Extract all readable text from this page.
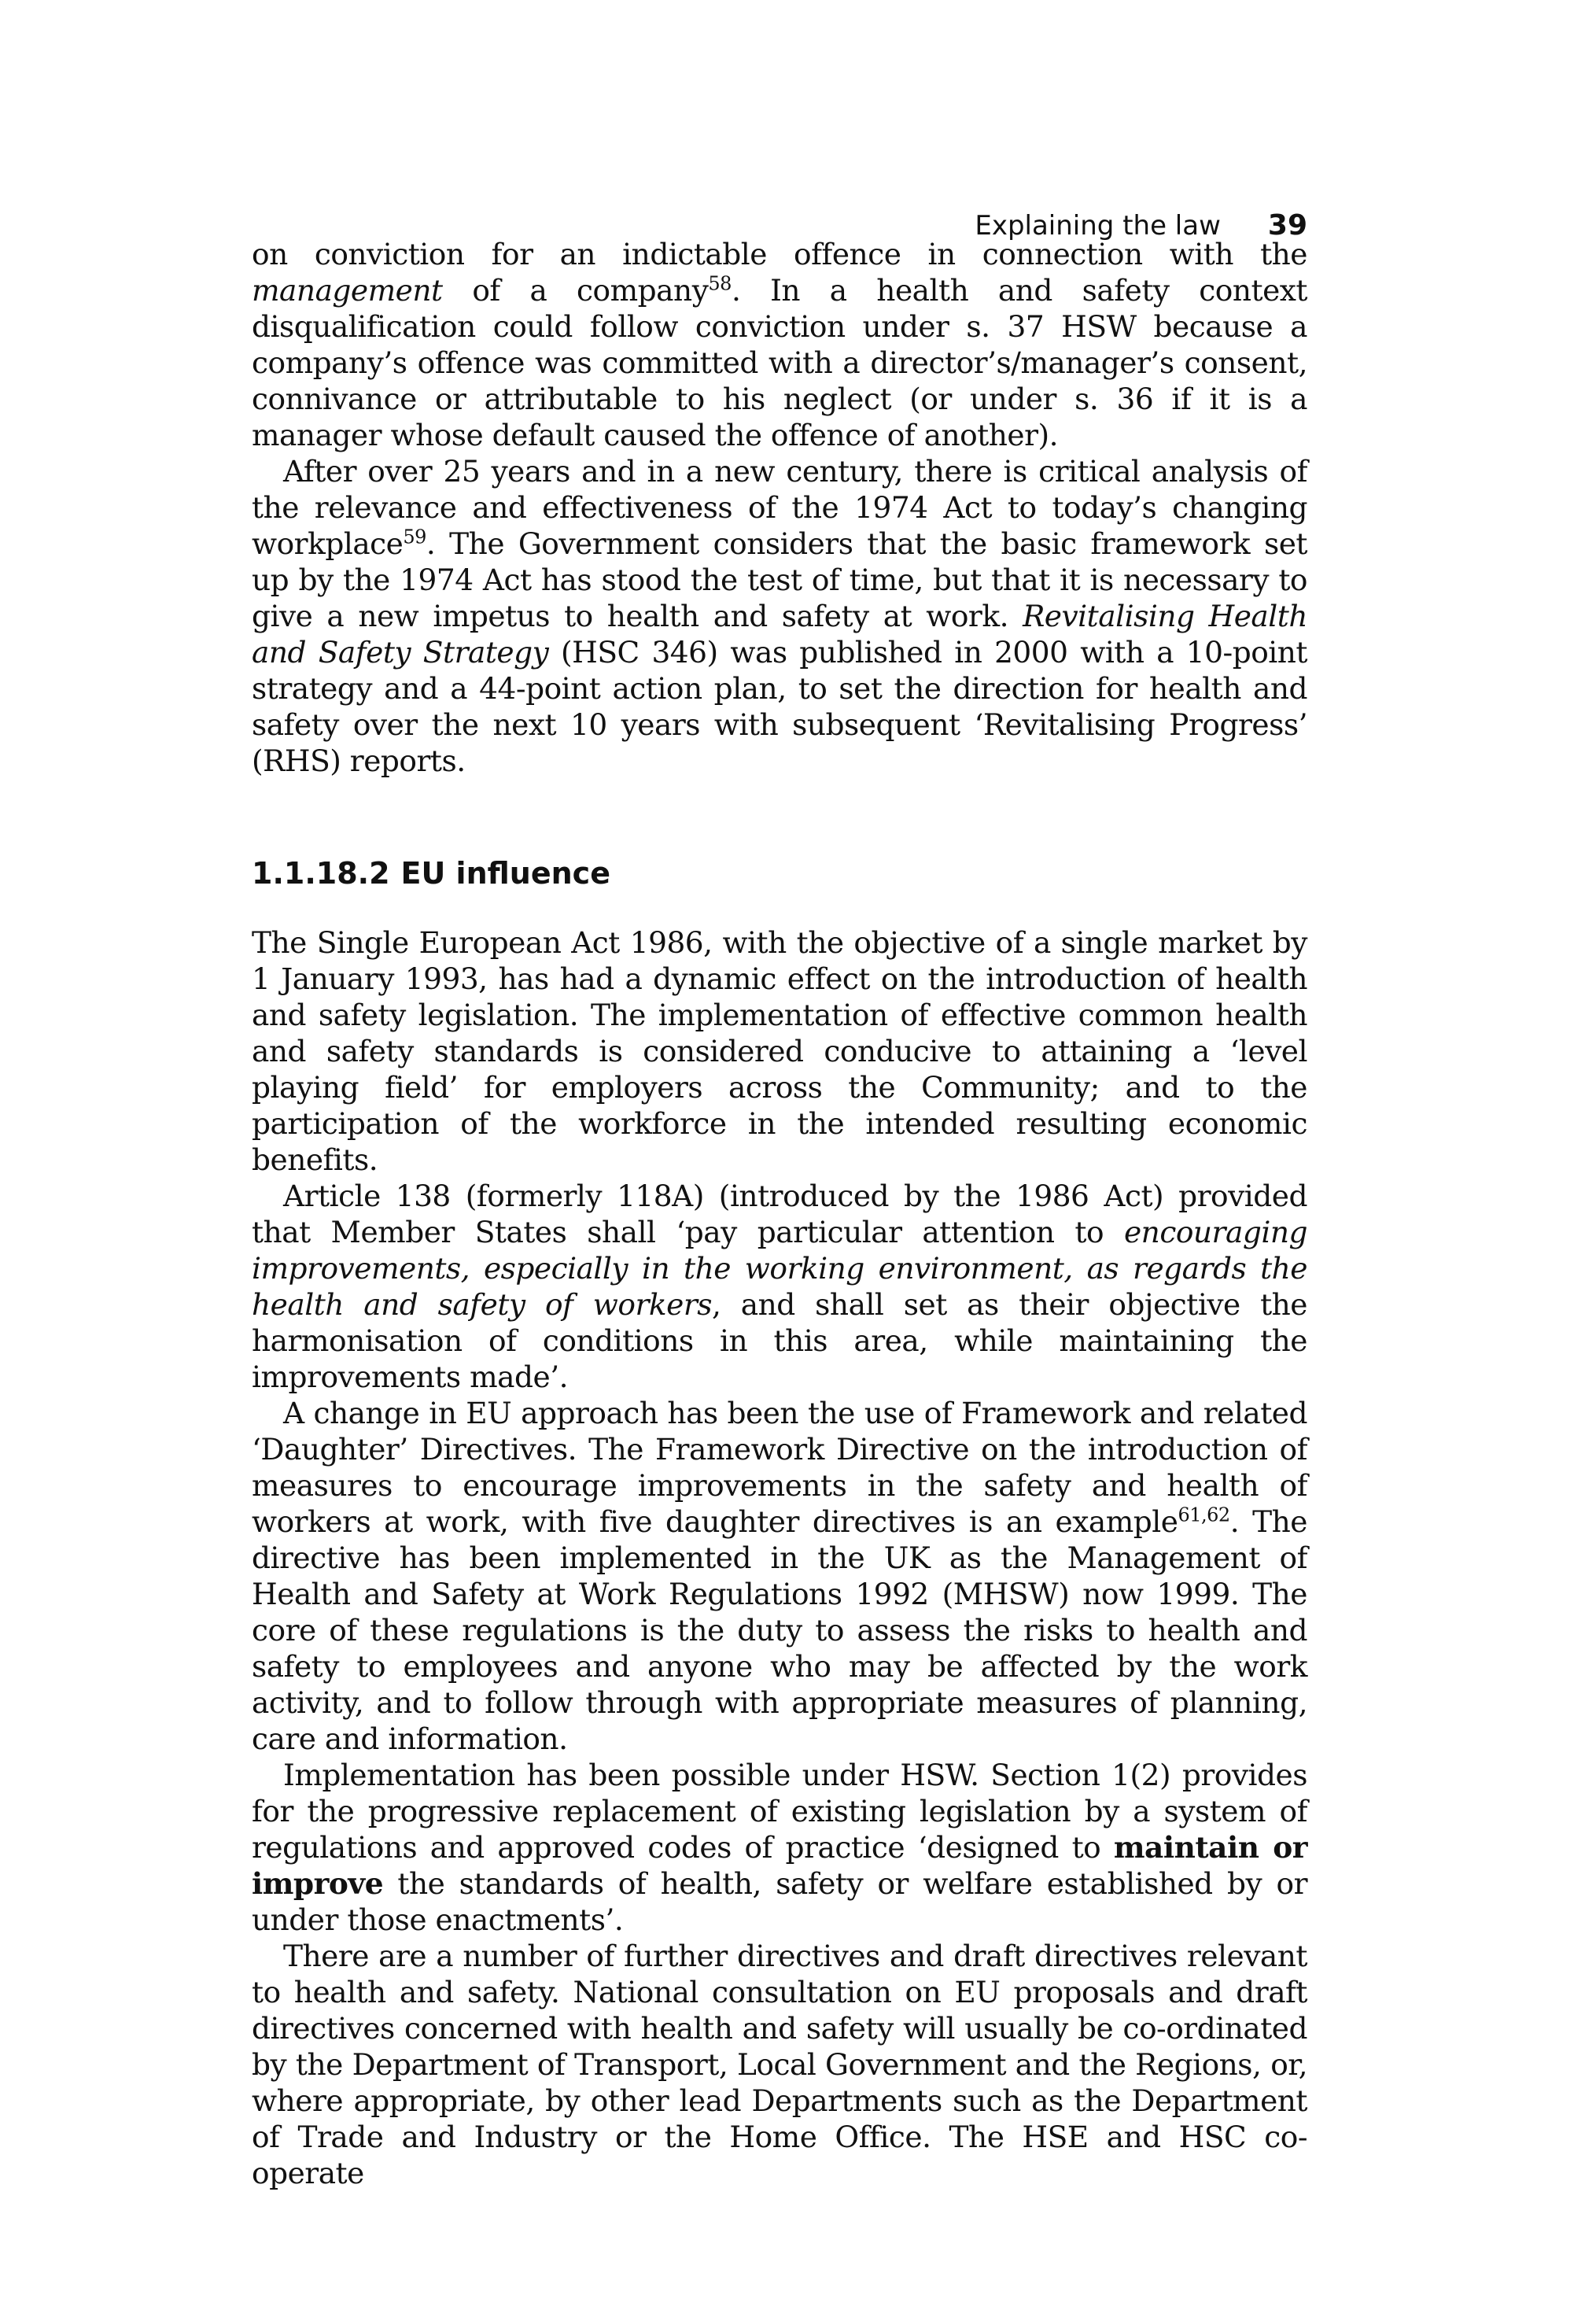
Explaining the law 39

on conviction for an indictable offence in connection with the management of a company$^{58}$. In a health and safety context disqualification could follow conviction under s. 37 HSW because a company’s offence was committed with a director’s/manager’s consent, connivance or attributable to his neglect (or under s. 36 if it is a manager whose default caused the offence of another).

After over 25 years and in a new century, there is critical analysis of the relevance and effectiveness of the 1974 Act to today’s changing workplace$^{59}$. The Government considers that the basic framework set up by the 1974 Act has stood the test of time, but that it is necessary to give a new impetus to health and safety at work. Revitalising Health and Safety Strategy (HSC 346) was published in 2000 with a 10-point strategy and a 44-point action plan, to set the direction for health and safety over the next 10 years with subsequent ‘Revitalising Progress’ (RHS) reports.

1.1.18.2 EU influence

The Single European Act 1986, with the objective of a single market by 1 January 1993, has had a dynamic effect on the introduction of health and safety legislation. The implementation of effective common health and safety standards is considered conducive to attaining a ‘level playing field’ for employers across the Community; and to the participation of the workforce in the intended resulting economic benefits.

Article 138 (formerly 118A) (introduced by the 1986 Act) provided that Member States shall ‘pay particular attention to encouraging improvements, especially in the working environment, as regards the health and safety of workers, and shall set as their objective the harmonisation of conditions in this area, while maintaining the improvements made’.

A change in EU approach has been the use of Framework and related ‘Daughter’ Directives. The Framework Directive on the introduction of measures to encourage improvements in the safety and health of workers at work, with five daughter directives is an example$^{61,62}$. The directive has been implemented in the UK as the Management of Health and Safety at Work Regulations 1992 (MHSW) now 1999. The core of these regulations is the duty to assess the risks to health and safety to employees and anyone who may be affected by the work activity, and to follow through with appropriate measures of planning, care and information.

Implementation has been possible under HSW. Section 1(2) provides for the progressive replacement of existing legislation by a system of regulations and approved codes of practice ‘designed to maintain or improve the standards of health, safety or welfare established by or under those enactments’.

There are a number of further directives and draft directives relevant to health and safety. National consultation on EU proposals and draft directives concerned with health and safety will usually be co-ordinated by the Department of Transport, Local Government and the Regions, or, where appropriate, by other lead Departments such as the Department of Trade and Industry or the Home Office. The HSE and HSC co-operate
